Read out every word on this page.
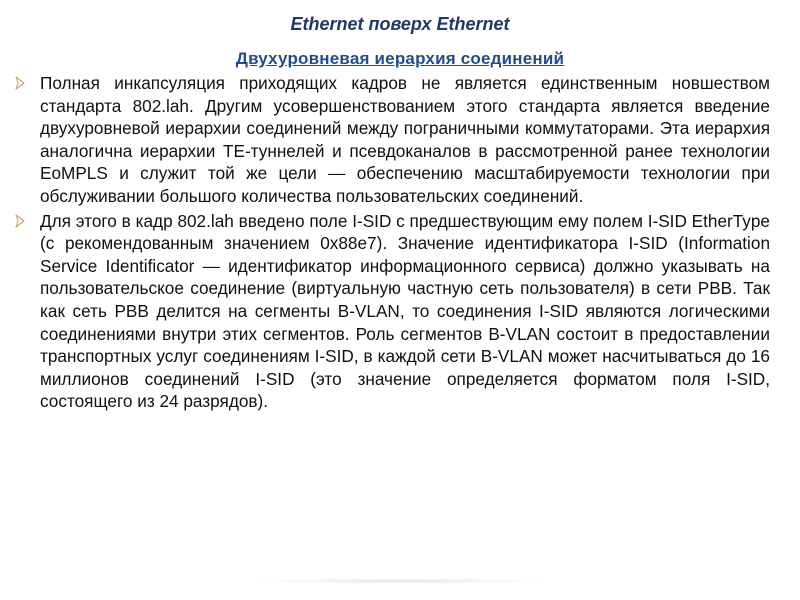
Ethernet поверх Ethernet
Двухуровневая иерархия соединений
Полная инкапсуляция приходящих кадров не является единственным новшеством стандарта 802.lah. Другим усовершенствованием этого стандарта является введение двухуровневой иерархии соединений между пограничными коммутаторами. Эта иерархия аналогична иерархии TE-туннелей и псевдоканалов в рассмотренной ранее технологии EoMPLS и служит той же цели — обеспечению масштабируемости технологии при обслуживании большого количества пользовательских соединений.
Для этого в кадр 802.lah введено поле I-SID с предшествующим ему полем I-SID EtherType (с рекомендованным значением 0x88e7). Значение идентификатора I-SID (Information Service Identificator — идентификатор информационного сервиса) должно указывать на пользовательское соединение (виртуальную частную сеть пользователя) в сети PBB. Так как сеть PBB делится на сегменты B-VLAN, то соединения I-SID являются логическими соединениями внутри этих сегментов. Роль сегментов B-VLAN состоит в предоставлении транспортных услуг соединениям I-SID, в каждой сети B-VLAN может насчитываться до 16 миллионов соединений I-SID (это значение определяется форматом поля I-SID, состоящего из 24 разрядов).
